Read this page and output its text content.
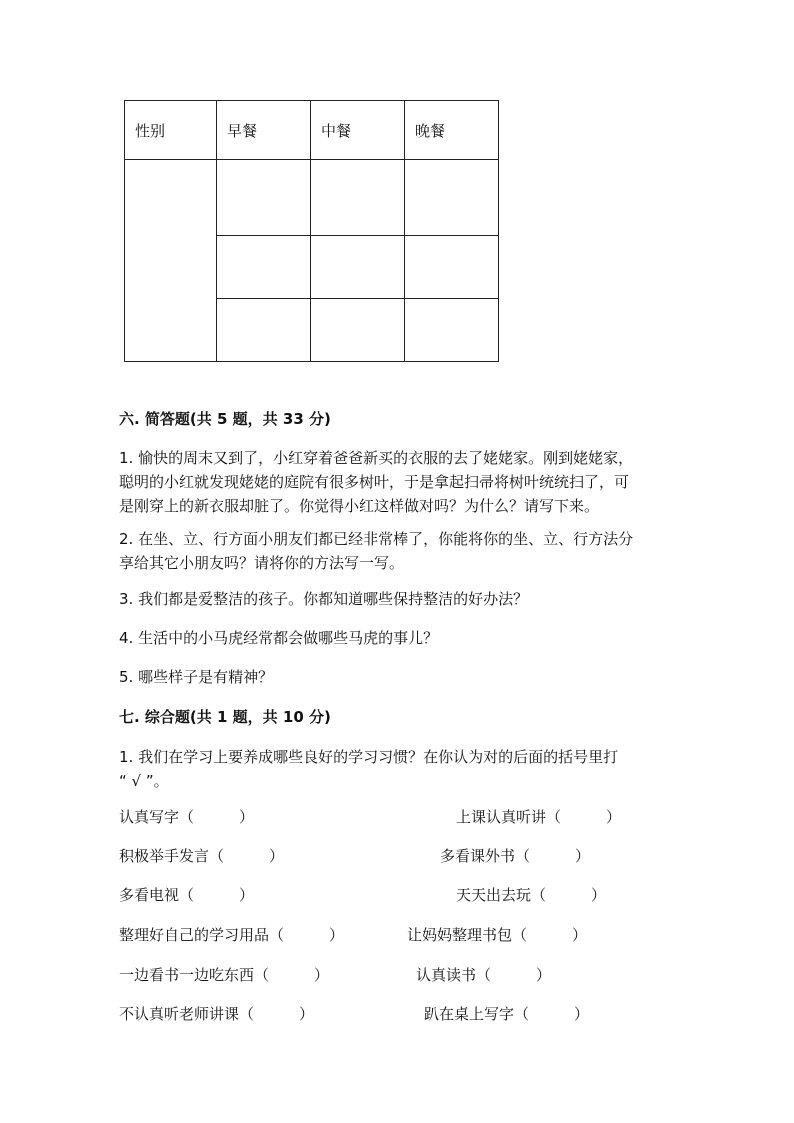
性别	早餐	中餐	晚餐

六. 简答题(共 5 题，共 33 分)
1. 愉快的周末又到了，小红穿着爸爸新买的衣服的去了姥姥家。刚到姥姥家，
聪明的小红就发现姥姥的庭院有很多树叶，于是拿起扫帚将树叶统统扫了，可
是刚穿上的新衣服却脏了。你觉得小红这样做对吗？为什么？请写下来。
2. 在坐、立、行方面小朋友们都已经非常棒了，你能将你的坐、立、行方法分
享给其它小朋友吗？请将你的方法写一写。
3. 我们都是爱整洁的孩子。你都知道哪些保持整洁的好办法？
4. 生活中的小马虎经常都会做哪些马虎的事儿？
5. 哪些样子是有精神？
七. 综合题(共 1 题，共 10 分)
1. 我们在学习上要养成哪些良好的学习习惯？在你认为对的后面的括号里打
“ √ ”。
认真写字（　　　）
积极举手发言（　　　）
多看电视（　　　）
整理好自己的学习用品（　　　）
一边看书一边吃东西（　　　）
不认真听老师讲课（　　　）
上课认真听讲（　　　）
多看课外书（　　　）
天天出去玩（　　　）
让妈妈整理书包（　　　）
认真读书（　　　）
趴在桌上写字（　　　）
